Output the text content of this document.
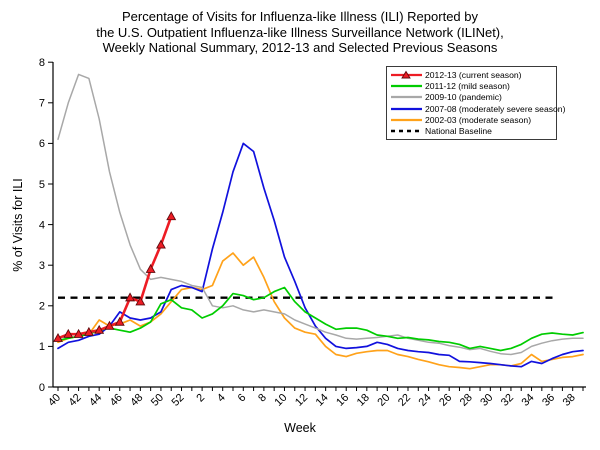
Percentage of Visits for Influenza-like Illness (ILI) Reported by
the U.S. Outpatient Influenza-like Illness Surveillance Network (ILINet),
Weekly National Summary, 2012-13 and Selected Previous Seasons
% of Visits for ILI
Week
0
1
2
3
4
5
6
7
8
40 42 44 46 48 50 52 2 4 6 8 10 12 14 16 18 20 22 24 26 28 30 32 34 36 38
2012-13 (current season)
2011-12 (mild season)
2009-10 (pandemic)
2007-08 (moderately severe season)
2002-03 (moderate season)
National Baseline
